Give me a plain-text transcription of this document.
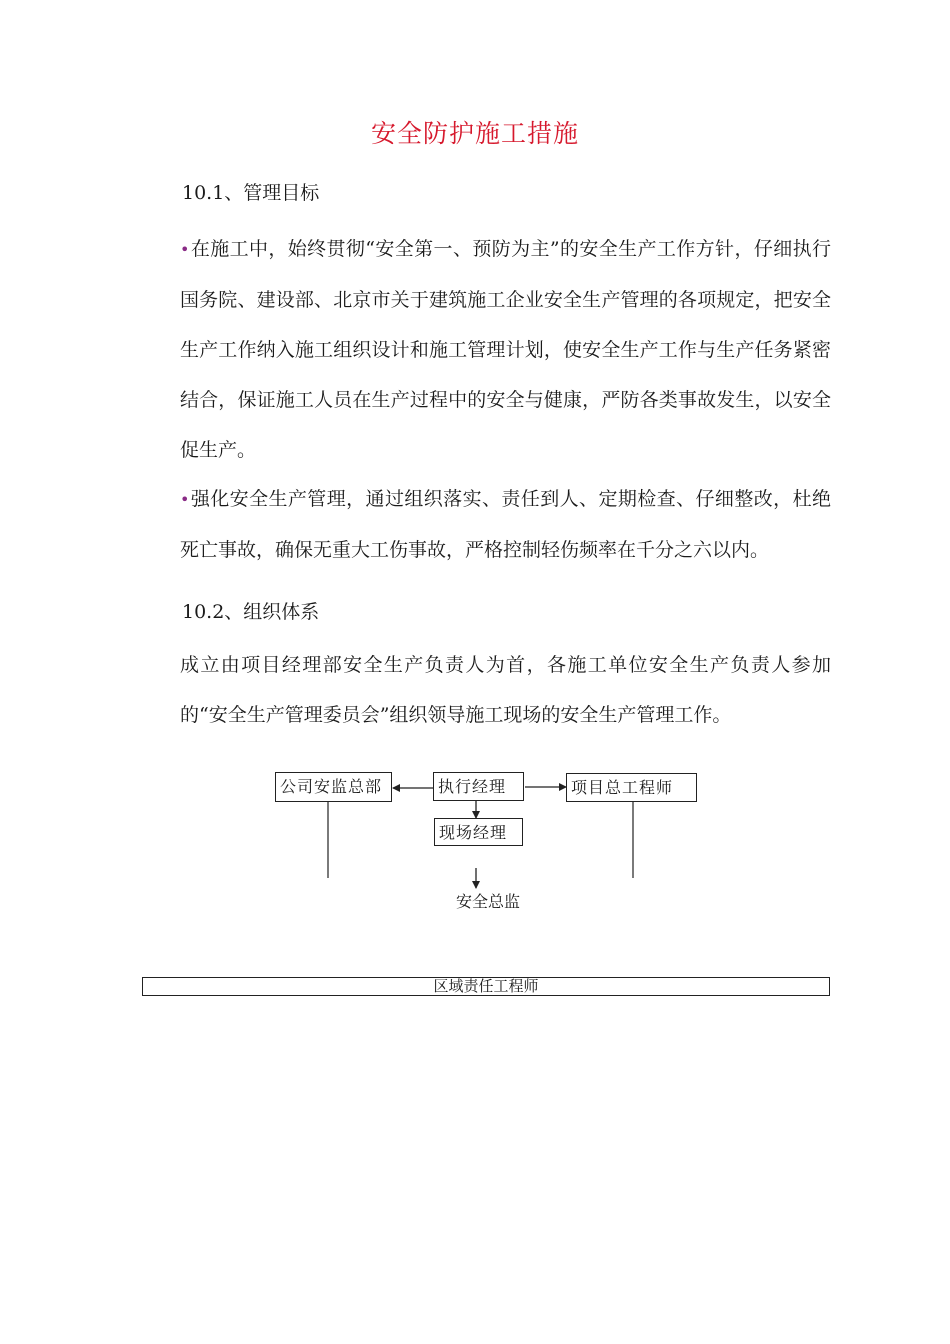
安全防护施工措施
10.1、管理目标
•在施工中，始终贯彻“安全第一、预防为主”的安全生产工作方针，仔细执行国务院、建设部、北京市关于建筑施工企业安全生产管理的各项规定，把安全生产工作纳入施工组织设计和施工管理计划，使安全生产工作与生产任务紧密结合，保证施工人员在生产过程中的安全与健康，严防各类事故发生，以安全促生产。
•强化安全生产管理，通过组织落实、责任到人、定期检查、仔细整改，杜绝死亡事故，确保无重大工伤事故，严格控制轻伤频率在千分之六以内。
10.2、组织体系
成立由项目经理部安全生产负责人为首，各施工单位安全生产负责人参加的“安全生产管理委员会”组织领导施工现场的安全生产管理工作。
公司安监总部	执行经理	项目总工程师
现场经理
安全总监
区域责任工程师
